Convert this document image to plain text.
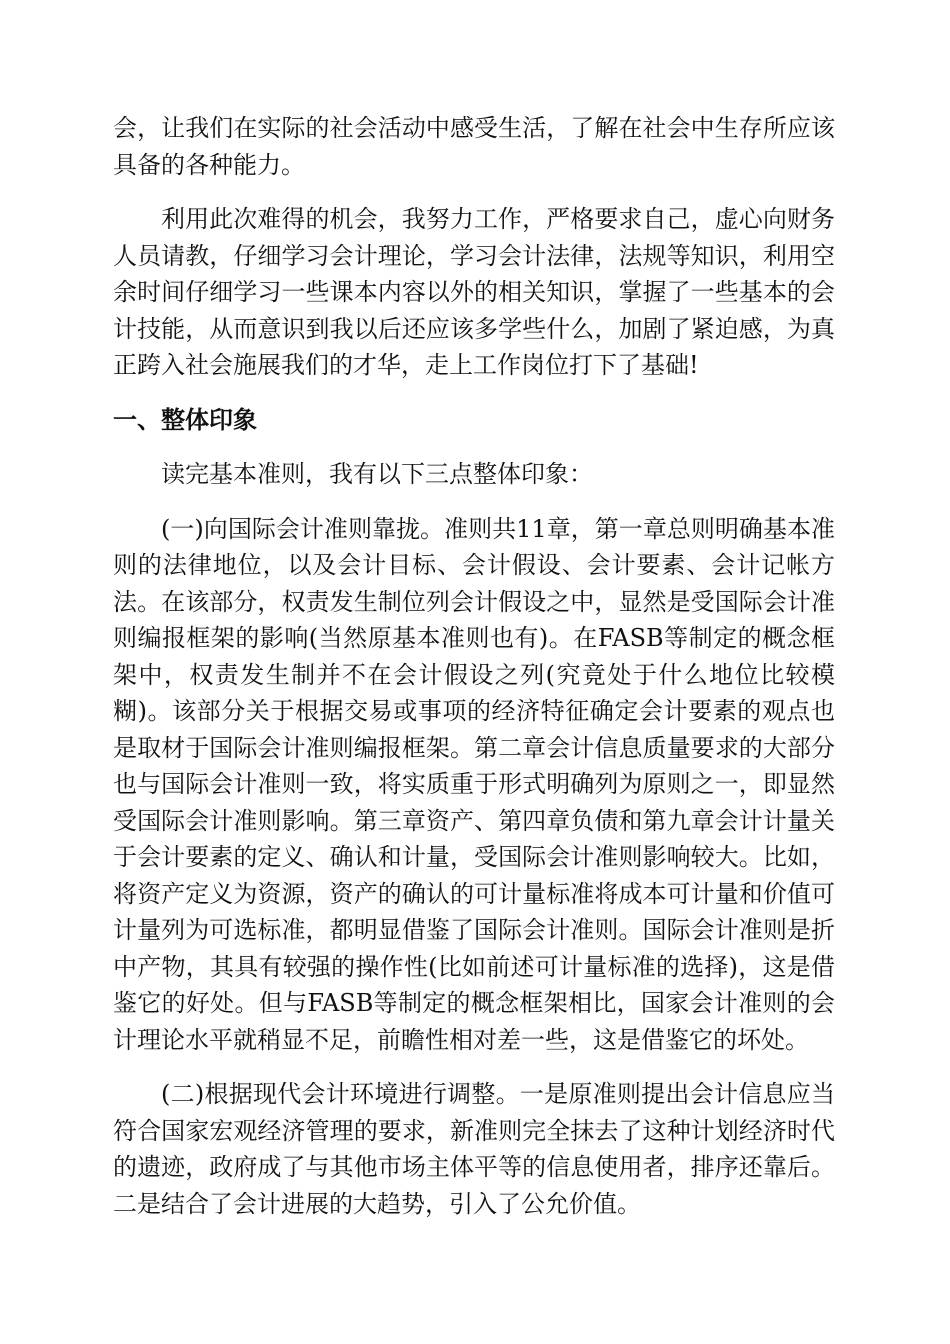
会，让我们在实际的社会活动中感受生活，了解在社会中生存所应该具备的各种能力。

利用此次难得的机会，我努力工作，严格要求自己，虚心向财务人员请教，仔细学习会计理论，学习会计法律，法规等知识，利用空余时间仔细学习一些课本内容以外的相关知识，掌握了一些基本的会计技能，从而意识到我以后还应该多学些什么，加剧了紧迫感，为真正跨入社会施展我们的才华，走上工作岗位打下了基础!

一、整体印象

读完基本准则，我有以下三点整体印象：

(一)向国际会计准则靠拢。准则共11章，第一章总则明确基本准则的法律地位，以及会计目标、会计假设、会计要素、会计记帐方法。在该部分，权责发生制位列会计假设之中，显然是受国际会计准则编报框架的影响(当然原基本准则也有)。在FASB等制定的概念框架中，权责发生制并不在会计假设之列(究竟处于什么地位比较模糊)。该部分关于根据交易或事项的经济特征确定会计要素的观点也是取材于国际会计准则编报框架。第二章会计信息质量要求的大部分也与国际会计准则一致，将实质重于形式明确列为原则之一，即显然受国际会计准则影响。第三章资产、第四章负债和第九章会计计量关于会计要素的定义、确认和计量，受国际会计准则影响较大。比如，将资产定义为资源，资产的确认的可计量标准将成本可计量和价值可计量列为可选标准，都明显借鉴了国际会计准则。国际会计准则是折中产物，其具有较强的操作性(比如前述可计量标准的选择)，这是借鉴它的好处。但与FASB等制定的概念框架相比，国家会计准则的会计理论水平就稍显不足，前瞻性相对差一些，这是借鉴它的坏处。

(二)根据现代会计环境进行调整。一是原准则提出会计信息应当符合国家宏观经济管理的要求，新准则完全抹去了这种计划经济时代的遗迹，政府成了与其他市场主体平等的信息使用者，排序还靠后。二是结合了会计进展的大趋势，引入了公允价值。
